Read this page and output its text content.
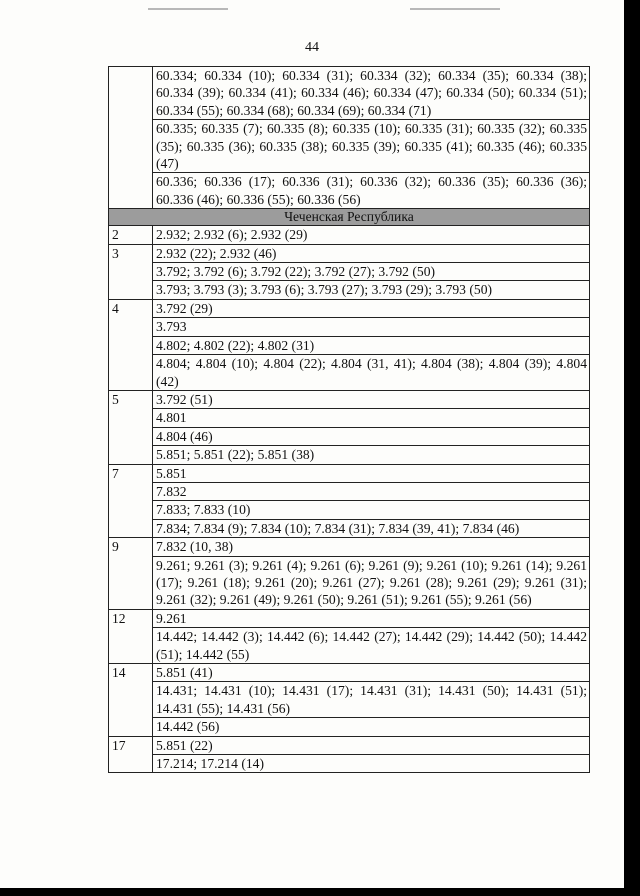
44
	60.334; 60.334 (10); 60.334 (31); 60.334 (32); 60.334 (35); 60.334 (38); 60.334 (39); 60.334 (41); 60.334 (46); 60.334 (47); 60.334 (50); 60.334 (51); 60.334 (55); 60.334 (68); 60.334 (69); 60.334 (71)
	60.335; 60.335 (7); 60.335 (8); 60.335 (10); 60.335 (31); 60.335 (32); 60.335 (35); 60.335 (36); 60.335 (38); 60.335 (39); 60.335 (41); 60.335 (46); 60.335 (47)
	60.336; 60.336 (17); 60.336 (31); 60.336 (32); 60.336 (35); 60.336 (36); 60.336 (46); 60.336 (55); 60.336 (56)
Чеченская Республика	
2	2.932; 2.932 (6); 2.932 (29)
3	2.932 (22); 2.932 (46)
	3.792; 3.792 (6); 3.792 (22); 3.792 (27); 3.792 (50)
	3.793; 3.793 (3); 3.793 (6); 3.793 (27); 3.793 (29); 3.793 (50)
4	3.792 (29)
	3.793
	4.802; 4.802 (22); 4.802 (31)
	4.804; 4.804 (10); 4.804 (22); 4.804 (31, 41); 4.804 (38); 4.804 (39); 4.804 (42)
5	3.792 (51)
	4.801
	4.804 (46)
	5.851; 5.851 (22); 5.851 (38)
7	5.851
	7.832
	7.833; 7.833 (10)
	7.834; 7.834 (9); 7.834 (10); 7.834 (31); 7.834 (39, 41); 7.834 (46)
9	7.832 (10, 38)
	9.261; 9.261 (3); 9.261 (4); 9.261 (6); 9.261 (9); 9.261 (10); 9.261 (14); 9.261 (17); 9.261 (18); 9.261 (20); 9.261 (27); 9.261 (28); 9.261 (29); 9.261 (31); 9.261 (32); 9.261 (49); 9.261 (50); 9.261 (51); 9.261 (55); 9.261 (56)
12	9.261
	14.442; 14.442 (3); 14.442 (6); 14.442 (27); 14.442 (29); 14.442 (50); 14.442 (51); 14.442 (55)
14	5.851 (41)
	14.431; 14.431 (10); 14.431 (17); 14.431 (31); 14.431 (50); 14.431 (51); 14.431 (55); 14.431 (56)
	14.442 (56)
17	5.851 (22)
	17.214; 17.214 (14)
